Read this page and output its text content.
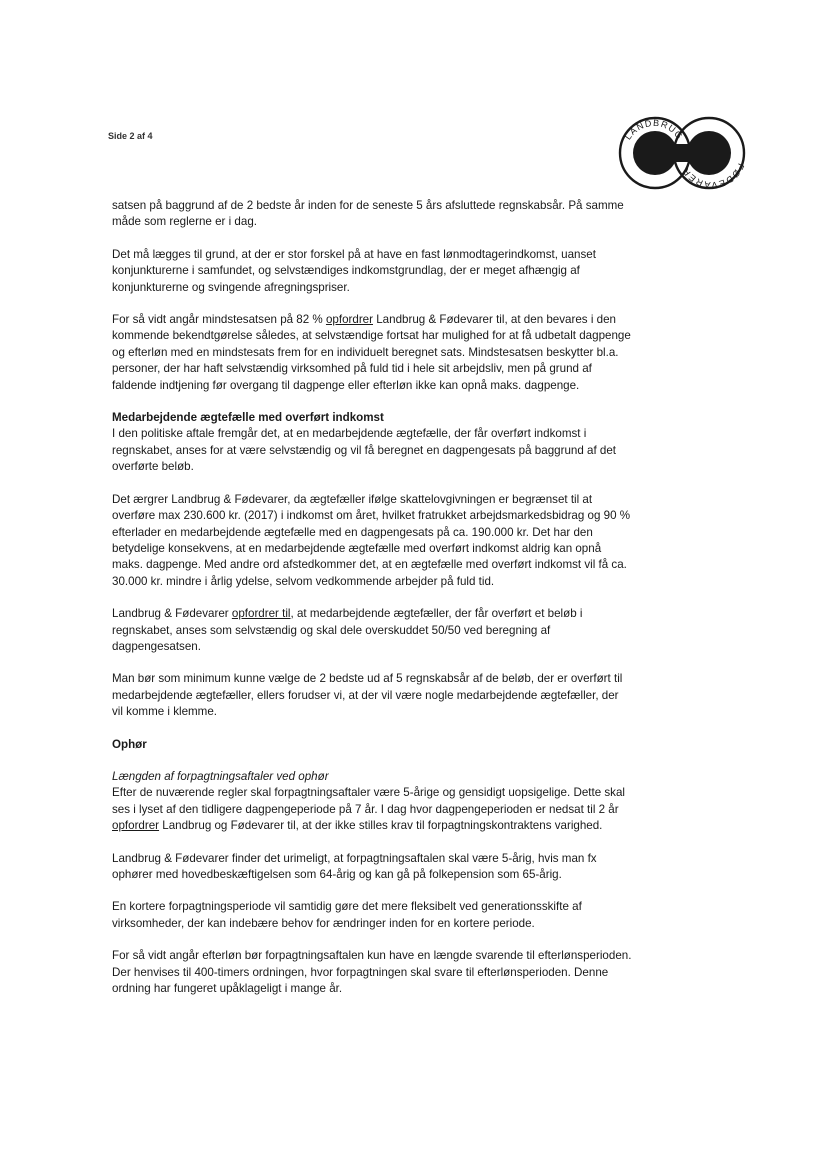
Side 2 af 4	LANDBRUG
FØDEVARER

satsen på baggrund af de 2 bedste år inden for de seneste 5 års afsluttede regnskabsår. På samme måde som reglerne er i dag.

Det må lægges til grund, at der er stor forskel på at have en fast lønmodtagerindkomst, uanset konjunkturerne i samfundet, og selvstændiges indkomstgrundlag, der er meget afhængig af konjunkturerne og svingende afregningspriser.

For så vidt angår mindstesatsen på 82 % opfordrer Landbrug & Fødevarer til, at den bevares i den kommende bekendtgørelse således, at selvstændige fortsat har mulighed for at få udbetalt dagpenge og efterløn med en mindstesats frem for en individuelt beregnet sats. Mindstesatsen beskytter bl.a. personer, der har haft selvstændig virksomhed på fuld tid i hele sit arbejdsliv, men på grund af faldende indtjening før overgang til dagpenge eller efterløn ikke kan opnå maks. dagpenge.

Medarbejdende ægtefælle med overført indkomst
I den politiske aftale fremgår det, at en medarbejdende ægtefælle, der får overført indkomst i regnskabet, anses for at være selvstændig og vil få beregnet en dagpengesats på baggrund af det overførte beløb.

Det ærgrer Landbrug & Fødevarer, da ægtefæller ifølge skattelovgivningen er begrænset til at overføre max 230.600 kr. (2017) i indkomst om året, hvilket fratrukket arbejdsmarkedsbidrag og 90 % efterlader en medarbejdende ægtefælle med en dagpengesats på ca. 190.000 kr. Det har den betydelige konsekvens, at en medarbejdende ægtefælle med overført indkomst aldrig kan opnå maks. dagpenge. Med andre ord afstedkommer det, at en ægtefælle med overført indkomst vil få ca. 30.000 kr. mindre i årlig ydelse, selvom vedkommende arbejder på fuld tid.

Landbrug & Fødevarer opfordrer til, at medarbejdende ægtefæller, der får overført et beløb i regnskabet, anses som selvstændig og skal dele overskuddet 50/50 ved beregning af dagpengesatsen.

Man bør som minimum kunne vælge de 2 bedste ud af 5 regnskabsår af de beløb, der er overført til medarbejdende ægtefæller, ellers forudser vi, at der vil være nogle medarbejdende ægtefæller, der vil komme i klemme.

Ophør

Længden af forpagtningsaftaler ved ophør
Efter de nuværende regler skal forpagtningsaftaler være 5-årige og gensidigt uopsigelige. Dette skal ses i lyset af den tidligere dagpengeperiode på 7 år. I dag hvor dagpengeperioden er nedsat til 2 år opfordrer Landbrug og Fødevarer til, at der ikke stilles krav til forpagtningskontraktens varighed.

Landbrug & Fødevarer finder det urimeligt, at forpagtningsaftalen skal være 5-årig, hvis man fx ophører med hovedbeskæftigelsen som 64-årig og kan gå på folkepension som 65-årig.

En kortere forpagtningsperiode vil samtidig gøre det mere fleksibelt ved generationsskifte af virksomheder, der kan indebære behov for ændringer inden for en kortere periode.

For så vidt angår efterløn bør forpagtningsaftalen kun have en længde svarende til efterlønsperioden. Der henvises til 400-timers ordningen, hvor forpagtningen skal svare til efterlønsperioden. Denne ordning har fungeret upåklageligt i mange år.
